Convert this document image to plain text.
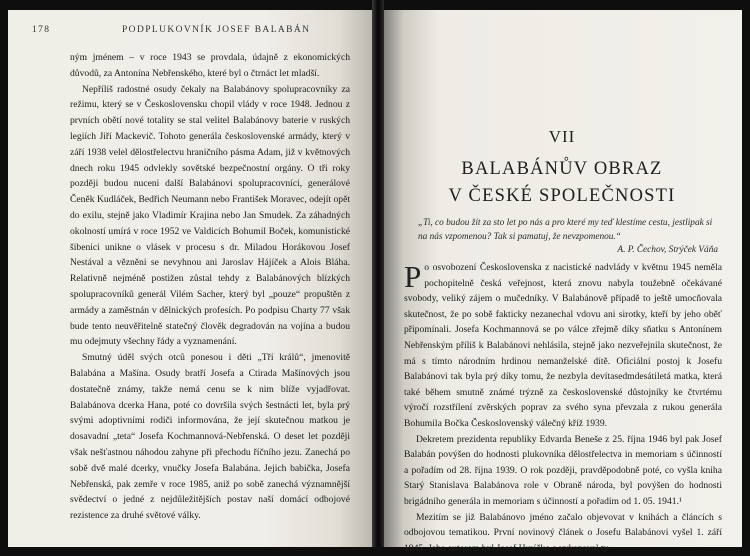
178	PODPLUKOVNÍK JOSEF BALABÁN

ným jménem – v roce 1943 se provdala, údajně z ekonomických důvodů, za Antonína Nebřenského, které byl o čtrnáct let mladší.

Nepříliš radostné osudy čekaly na Balabánovy spolupracovníky za režimu, který se v Československu chopil vlády v roce 1948. Jednou z prvních obětí nové totality se stal velitel Balabánovy baterie v ruských legiích Jiří Mackevič. Tohoto generála československé armády, který v září 1938 velel dělostřelectvu hraničního pásma Adam, již v květnových dnech roku 1945 odvlekly sovětské bezpečnostní orgány. O tři roky později budou nuceni další Balabánovi spolupracovníci, generálové Čeněk Kudláček, Bedřich Neumann nebo František Moravec, odejít opět do exilu, stejně jako Vladimír Krajina nebo Jan Smudek. Za záhadných okolností umírá v roce 1952 ve Valdicích Bohumil Boček, komunistické šibenici unikne o vlásek v procesu s dr. Miladou Horákovou Josef Nestával a vězněni se nevyhnou ani Jaroslav Hájíček a Alois Bláha. Relativně nejméně postižen zůstal tehdy z Balabánových blízkých spolupracovníků generál Vilém Sacher, který byl „pouze“ propuštěn z armády a zaměstnán v dělnických profesích. Po podpisu Charty 77 však bude tento neuvěřitelně statečný člověk degradován na vojína a budou mu odejmuty všechny řády a vyznamenání.

Smutný úděl svých otců ponesou i děti „Tří králů“, jmenovitě Balabána a Mašína. Osudy bratří Josefa a Ctirada Mašínových jsou dostatečně známy, takže nemá cenu se k nim blíže vyjadřovat. Balabánova dcerka Hana, poté co dovršila svých šestnácti let, byla prý svými adoptivními rodiči informována, že její skutečnou matkou je dosavadní „teta“ Josefa Kochmannová-Nebřenská. O deset let později však nešťastnou náhodou zahyne při přechodu říčního jezu. Zanechá po sobě dvě malé dcerky, vnučky Josefa Balabána. Jejich babička, Josefa Nebřenská, pak zemře v roce 1985, aniž po sobě zanechá významnější svědectví o jedné z nejdůležitějších postav naší domácí odbojové rezistence za druhé světové války.

VII
BALABÁNŮV OBRAZ
V ČESKÉ SPOLEČNOSTI
„Ti, co budou žít za sto let po nás a pro které my teď klestíme cestu, jestlipak si na nás vzpomenou? Tak si pamatuj, že nevzpomenou.“
A. P. Čechov, Strýček Váňa

Po osvobození Československa z nacistické nadvlády v květnu 1945 neměla pochopitelně česká veřejnost, která znovu nabyla toužebně očekávané svobody, veliký zájem o mučedníky. V Balabánově případě to ještě umocňovala skutečnost, že po sobě fakticky nezanechal vdovu ani sirotky, kteří by jeho oběť připomínali. Josefa Kochmannová se po válce zřejmě díky sňatku s Antonínem Nebřenským příliš k Balabánovi nehlásila, stejně jako nezveřejnila skutečnost, že má s tímto národním hrdinou nemanželské dítě. Oficiální postoj k Josefu Balabánovi tak byla prý díky tomu, že nezbyla devítasedmdesátiletá matka, která také během smutně známé trýzně za československé důstojníky ke čtvrtému výročí rozstřílení zvěrských poprav za svého syna převzala z rukou generála Bohumila Bočka Československý válečný kříž 1939.

Dekretem prezidenta republiky Edvarda Beneše z 25. října 1946 byl pak Josef Balabán povýšen do hodnosti plukovníka dělostřelectva in memoriam s účinností a pořadím od 28. října 1939. O rok později, pravděpodobně poté, co vyšla kniha Starý Stanislava Balabánova role v Obraně národa, byl povýšen do hodnosti brigádního generála in memoriam s účinností a pořadím od 1. 05. 1941.¹

Mezitím se již Balabánovo jméno začalo objevovat v knihách a článcích s odbojovou tematikou. První novinový článek o Josefu Balabánovi vyšel 1. září 1945. Jeho autorem byl Josef Hrníčko a vykazoval ty-
